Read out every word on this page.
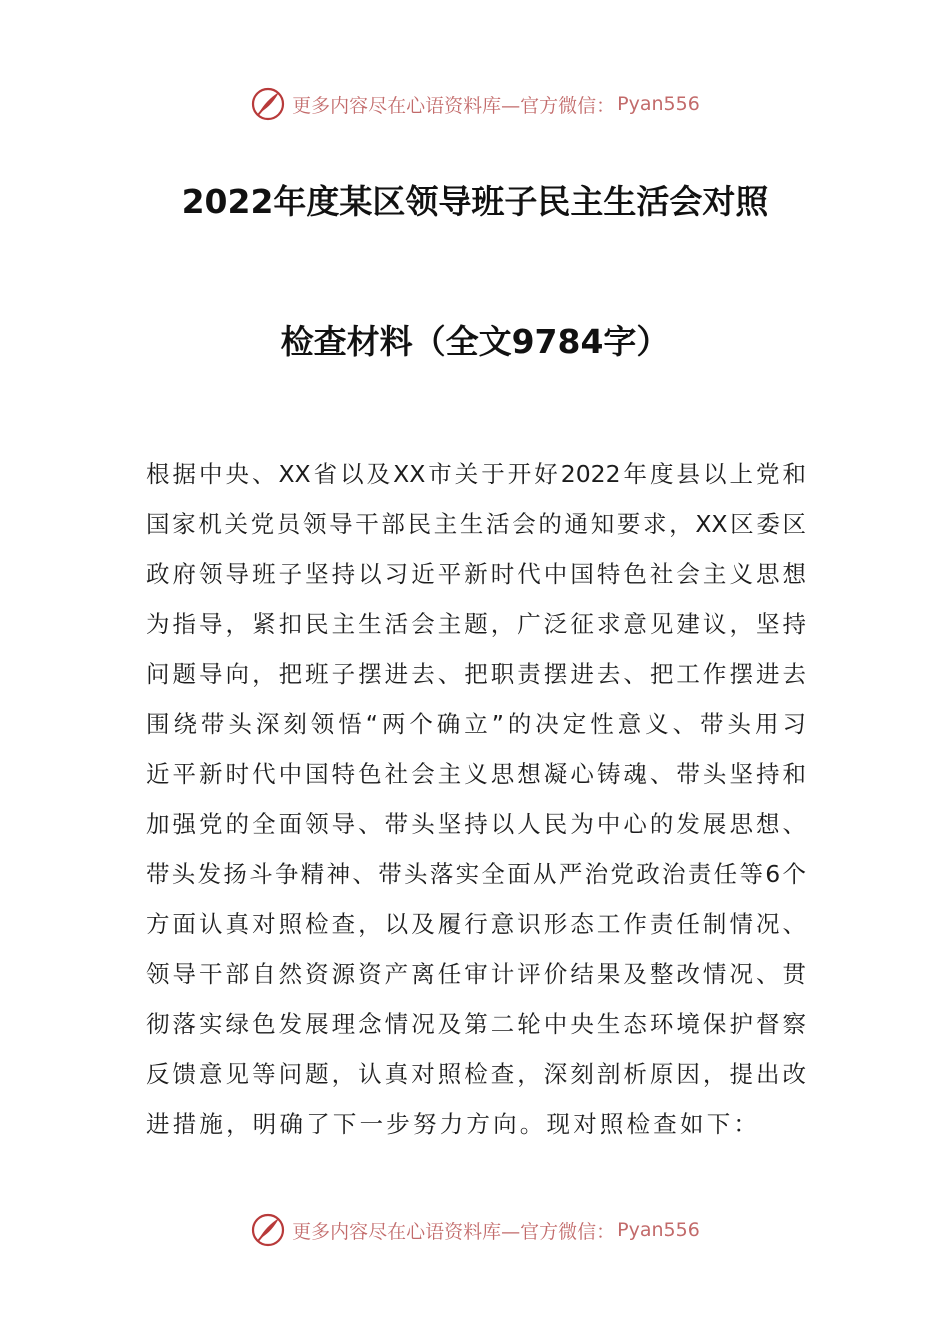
更多内容尽在心语资料库—官方微信： Pyan556
2022年度某区领导班子民主生活会对照
检查材料（全文9784字）
根据中央、XX省以及XX市关于开好2022年度县以上党和
国家机关党员领导干部民主生活会的通知要求，XX区委区
政府领导班子坚持以习近平新时代中国特色社会主义思想
为指导，紧扣民主生活会主题，广泛征求意见建议，坚持
问题导向，把班子摆进去、把职责摆进去、把工作摆进去
围绕带头深刻领悟“两个确立”的决定性意义、带头用习
近平新时代中国特色社会主义思想凝心铸魂、带头坚持和
加强党的全面领导、带头坚持以人民为中心的发展思想、
带头发扬斗争精神、带头落实全面从严治党政治责任等6个
方面认真对照检查，以及履行意识形态工作责任制情况、
领导干部自然资源资产离任审计评价结果及整改情况、贯
彻落实绿色发展理念情况及第二轮中央生态环境保护督察
反馈意见等问题，认真对照检查，深刻剖析原因，提出改
进措施，明确了下一步努力方向。现对照检查如下：
更多内容尽在心语资料库—官方微信： Pyan556
